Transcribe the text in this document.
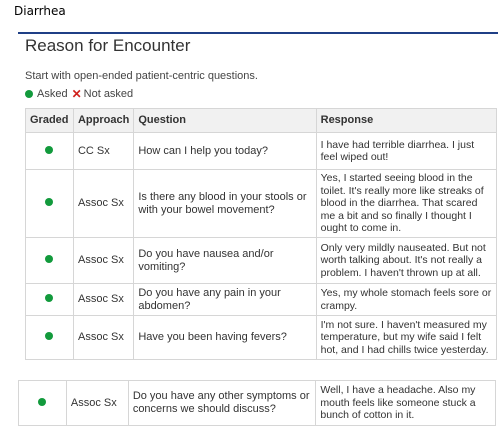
Diarrhea
Reason for Encounter
Start with open-ended patient-centric questions.
Asked ✕ Not asked
Graded	Approach	Question	Response
	CC Sx	How can I help you today?	I have had terrible diarrhea. I just feel wiped out!
	Assoc Sx	Is there any blood in your stools or with your bowel movement?	Yes, I started seeing blood in the toilet. It's really more like streaks of blood in the diarrhea. That scared me a bit and so finally I thought I ought to come in.
	Assoc Sx	Do you have nausea and/or vomiting?	Only very mildly nauseated. But not worth talking about. It's not really a problem. I haven't thrown up at all.
	Assoc Sx	Do you have any pain in your abdomen?	Yes, my whole stomach feels sore or crampy.
	Assoc Sx	Have you been having fevers?	I'm not sure. I haven't measured my temperature, but my wife said I felt hot, and I had chills twice yesterday.
	Assoc Sx	Do you have any other symptoms or concerns we should discuss?	Well, I have a headache. Also my mouth feels like someone stuck a bunch of cotton in it.
